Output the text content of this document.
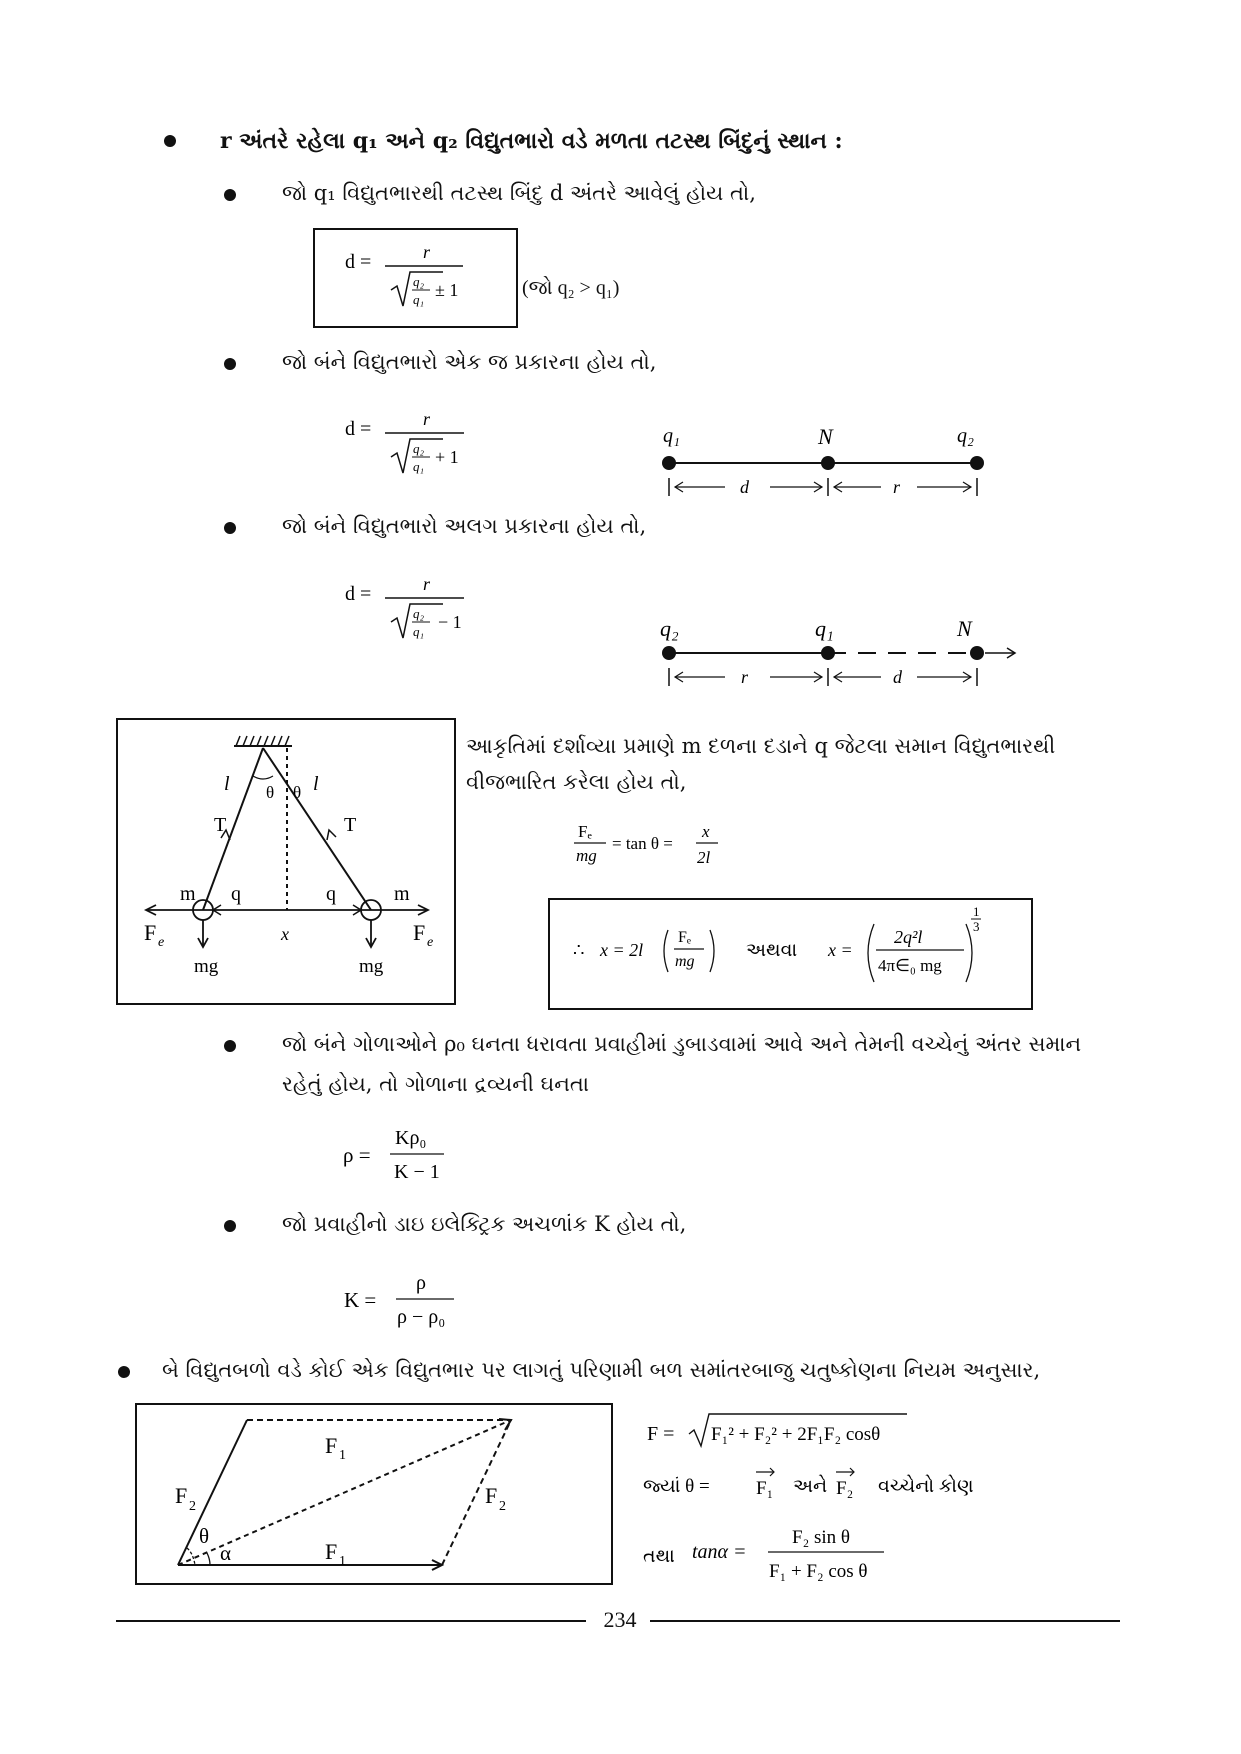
r અંતરે રહેલા q₁ અને q₂ વિદ્યુતભારો વડે મળતા તટસ્થ બિંદુનું સ્થાન :
જો q₁ વિદ્યુતભારથી તટસ્થ બિંદુ d અંતરે આવેલું હોય તો,
d =	r
q₂
q₁ ± 1	(જો q₂ > q₁)
જો બંને વિદ્યુતભારો એક જ પ્રકારના હોય તો,
d =	r
q₂
q₁ + 1
q₁	N	q₂
d	r
જો બંને વિદ્યુતભારો અલગ પ્રકારના હોય તો,
d =	r
q₂
q₁ − 1	q₂	q₁	N
r	d
l	l
θ θ
T	T
m q	q	m
F e	F e
x
mg	mg
આકૃતિમાં દર્શાવ્યા પ્રમાણે m દળના દડાને q જેટલા સમાન વિદ્યુતભારથી
વીજભારિત કરેલા હોય તો,
Fₑ
mg
= tan θ =
x
2l
∴ x = 2l
Fₑ
mg
અથવા x =
2q²l
4π∈₀ mg
1
3
જો બંને ગોળાઓને ρ₀ ઘનતા ધરાવતા પ્રવાહીમાં ડુબાડવામાં આવે અને તેમની વચ્ચેનું અંતર સમાન
રહેતું હોય, તો ગોળાના દ્રવ્યની ઘનતા
ρ =
Kρ₀
K − 1
જો પ્રવાહીનો ડાઇ ઇલેક્ટ્રિક અચળાંક K હોય તો,
K =
ρ
ρ − ρ₀
બે વિદ્યુતબળો વડે કોઈ એક વિદ્યુતભાર પર લાગતું પરિણામી બળ સમાંતરબાજુ ચતુષ્કોણના નિયમ અનુસાર,
F 1
F 2	F 2
F 1
θ
α
F = F₁² + F₂² + 2F₁F₂ cosθ
જ્યાં θ = F₁ અને F₂ વચ્ચેનો કોણ
તથા tanα =
F₂ sin θ
F₁ + F₂ cos θ
234
